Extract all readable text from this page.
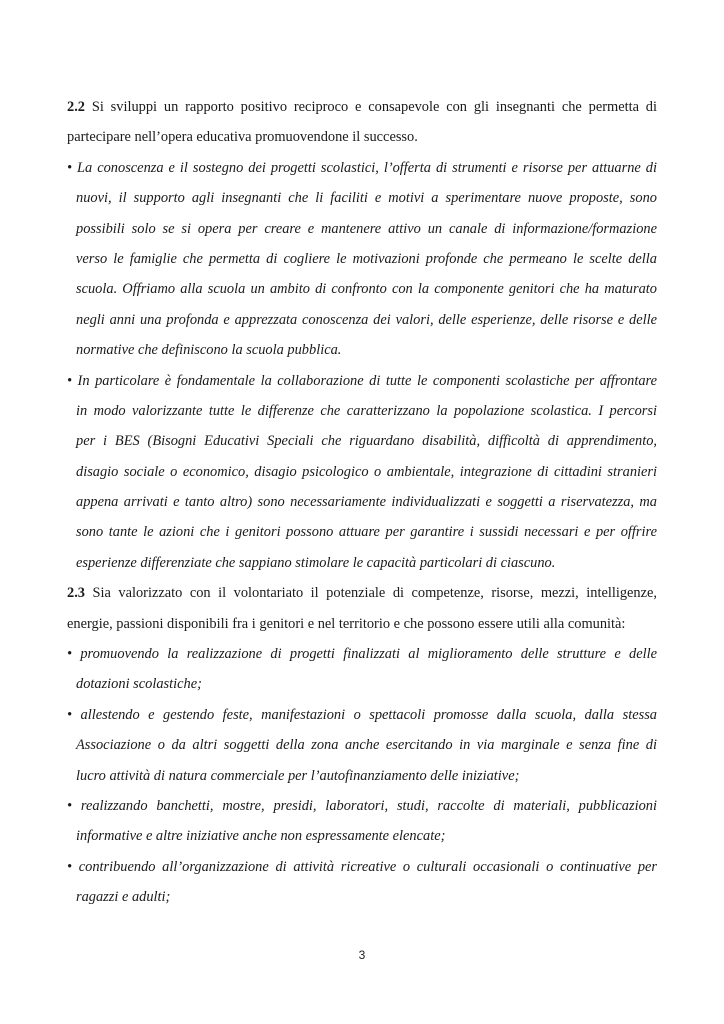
2.2 Si sviluppi un rapporto positivo reciproco e consapevole con gli insegnanti che permetta di
partecipare nell’opera educativa promuovendone il successo.
• La conoscenza e il sostegno dei progetti scolastici, l’offerta di strumenti e risorse per attuarne di
nuovi, il supporto agli insegnanti che li faciliti e motivi a sperimentare nuove proposte, sono
possibili solo se si opera per creare e mantenere attivo un canale di informazione/formazione
verso le famiglie che permetta di cogliere le motivazioni profonde che permeano le scelte della
scuola. Offriamo alla scuola un ambito di confronto con la componente genitori che ha maturato
negli anni una profonda e apprezzata conoscenza dei valori, delle esperienze, delle risorse e delle
normative che definiscono la scuola pubblica.
• In particolare è fondamentale la collaborazione di tutte le componenti scolastiche per affrontare
in modo valorizzante tutte le differenze che caratterizzano la popolazione scolastica. I percorsi
per i BES (Bisogni Educativi Speciali che riguardano disabilità, difficoltà di apprendimento,
disagio sociale o economico, disagio psicologico o ambientale, integrazione di cittadini stranieri
appena arrivati e tanto altro) sono necessariamente individualizzati e soggetti a riservatezza, ma
sono tante le azioni che i genitori possono attuare per garantire i sussidi necessari e per offrire
esperienze differenziate che sappiano stimolare le capacità particolari di ciascuno.
2.3 Sia valorizzato con il volontariato il potenziale di competenze, risorse, mezzi, intelligenze,
energie, passioni disponibili fra i genitori e nel territorio e che possono essere utili alla comunità:
• promuovendo la realizzazione di progetti finalizzati al miglioramento delle strutture e delle
dotazioni scolastiche;
• allestendo e gestendo feste, manifestazioni o spettacoli promosse dalla scuola, dalla stessa
Associazione o da altri soggetti della zona anche esercitando in via marginale e senza fine di
lucro attività di natura commerciale per l’autofinanziamento delle iniziative;
• realizzando banchetti, mostre, presidi, laboratori, studi, raccolte di materiali, pubblicazioni
informative e altre iniziative anche non espressamente elencate;
• contribuendo all’organizzazione di attività ricreative o culturali occasionali o continuative per
ragazzi e adulti;
3
